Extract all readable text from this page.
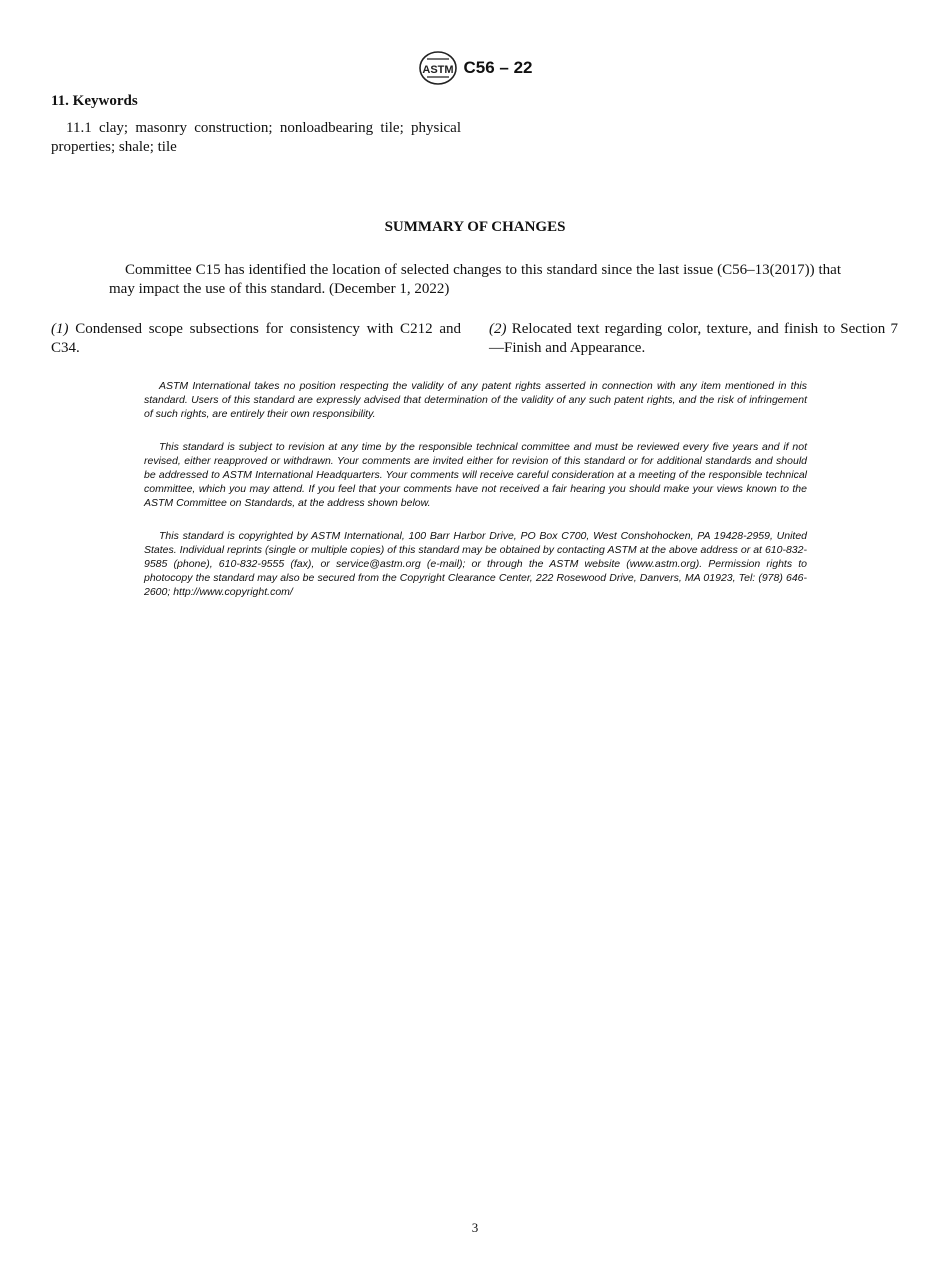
ASTM C56 – 22
11. Keywords
11.1 clay; masonry construction; nonloadbearing tile; physical properties; shale; tile
SUMMARY OF CHANGES
Committee C15 has identified the location of selected changes to this standard since the last issue (C56–13(2017)) that may impact the use of this standard. (December 1, 2022)
(1) Condensed scope subsections for consistency with C212 and C34.
(2) Relocated text regarding color, texture, and finish to Section 7—Finish and Appearance.
ASTM International takes no position respecting the validity of any patent rights asserted in connection with any item mentioned in this standard. Users of this standard are expressly advised that determination of the validity of any such patent rights, and the risk of infringement of such rights, are entirely their own responsibility.
This standard is subject to revision at any time by the responsible technical committee and must be reviewed every five years and if not revised, either reapproved or withdrawn. Your comments are invited either for revision of this standard or for additional standards and should be addressed to ASTM International Headquarters. Your comments will receive careful consideration at a meeting of the responsible technical committee, which you may attend. If you feel that your comments have not received a fair hearing you should make your views known to the ASTM Committee on Standards, at the address shown below.
This standard is copyrighted by ASTM International, 100 Barr Harbor Drive, PO Box C700, West Conshohocken, PA 19428-2959, United States. Individual reprints (single or multiple copies) of this standard may be obtained by contacting ASTM at the above address or at 610-832-9585 (phone), 610-832-9555 (fax), or service@astm.org (e-mail); or through the ASTM website (www.astm.org). Permission rights to photocopy the standard may also be secured from the Copyright Clearance Center, 222 Rosewood Drive, Danvers, MA 01923, Tel: (978) 646-2600; http://www.copyright.com/
3
